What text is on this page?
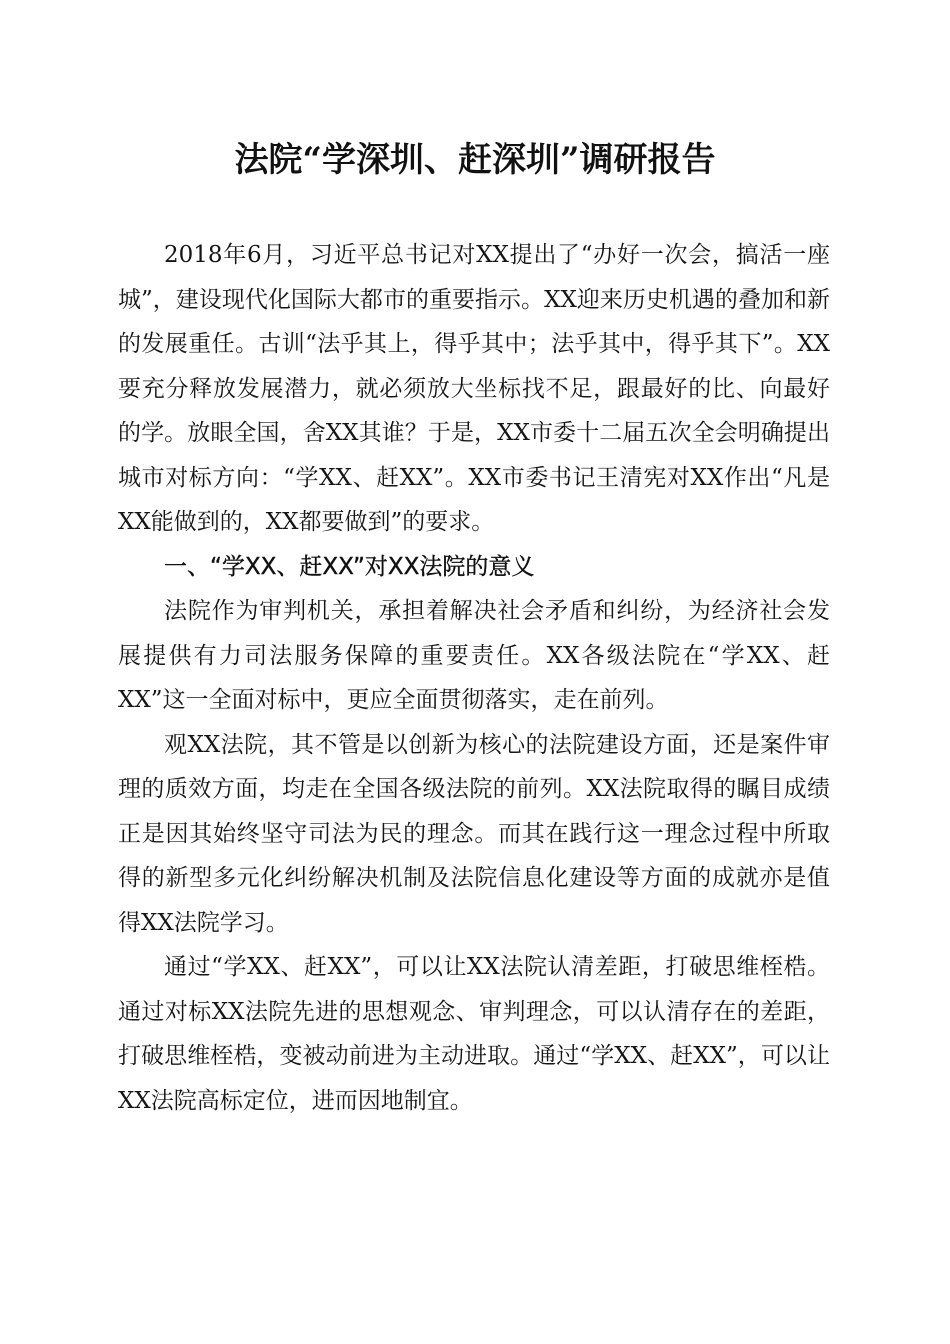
法院“学深圳、赶深圳”调研报告

2018年6月，习近平总书记对XX提出了“办好一次会，搞活一座城”，建设现代化国际大都市的重要指示。XX迎来历史机遇的叠加和新的发展重任。古训“法乎其上，得乎其中；法乎其中，得乎其下”。XX要充分释放发展潜力，就必须放大坐标找不足，跟最好的比、向最好的学。放眼全国，舍XX其谁？于是，XX市委十二届五次全会明确提出城市对标方向：“学XX、赶XX”。XX市委书记王清宪对XX作出“凡是XX能做到的，XX都要做到”的要求。

一、“学XX、赶XX”对XX法院的意义

法院作为审判机关，承担着解决社会矛盾和纠纷，为经济社会发展提供有力司法服务保障的重要责任。XX各级法院在“学XX、赶XX”这一全面对标中，更应全面贯彻落实，走在前列。

观XX法院，其不管是以创新为核心的法院建设方面，还是案件审理的质效方面，均走在全国各级法院的前列。XX法院取得的瞩目成绩正是因其始终坚守司法为民的理念。而其在践行这一理念过程中所取得的新型多元化纠纷解决机制及法院信息化建设等方面的成就亦是值得XX法院学习。

通过“学XX、赶XX”，可以让XX法院认清差距，打破思维桎梏。通过对标XX法院先进的思想观念、审判理念，可以认清存在的差距，打破思维桎梏，变被动前进为主动进取。通过“学XX、赶XX”，可以让XX法院高标定位，进而因地制宜。
